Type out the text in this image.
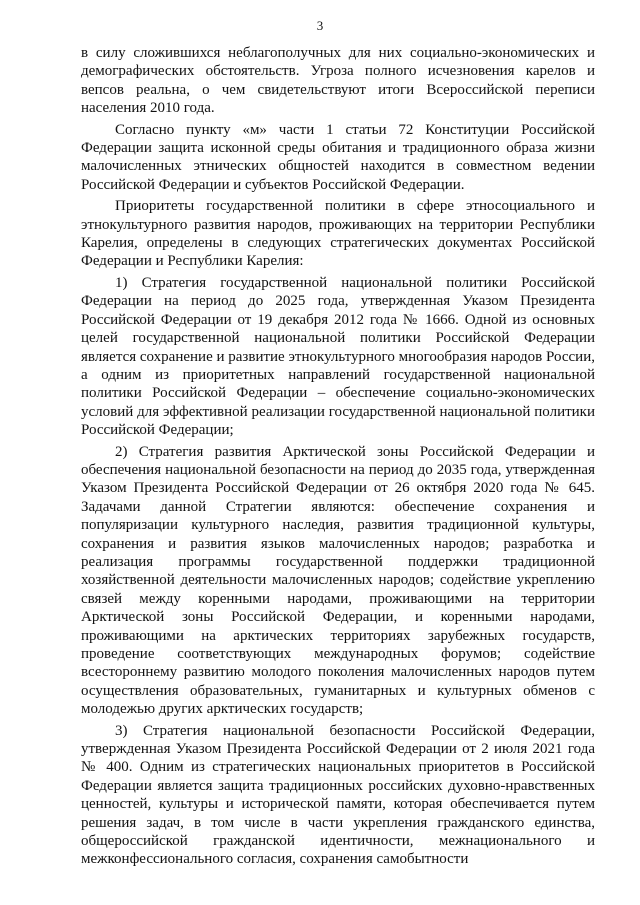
3

в силу сложившихся неблагополучных для них социально-экономических и демографических обстоятельств. Угроза полного исчезновения карелов и вепсов реальна, о чем свидетельствуют итоги Всероссийской переписи населения 2010 года.

Согласно пункту «м» части 1 статьи 72 Конституции Российской Федерации защита исконной среды обитания и традиционного образа жизни малочисленных этнических общностей находится в совместном ведении Российской Федерации и субъектов Российской Федерации.

Приоритеты государственной политики в сфере этносоциального и этнокультурного развития народов, проживающих на территории Республики Карелия, определены в следующих стратегических документах Российской Федерации и Республики Карелия:

1) Стратегия государственной национальной политики Российской Федерации на период до 2025 года, утвержденная Указом Президента Российской Федерации от 19 декабря 2012 года № 1666. Одной из основных целей государственной национальной политики Российской Федерации является сохранение и развитие этнокультурного многообразия народов России, а одним из приоритетных направлений государственной национальной политики Российской Федерации – обеспечение социально-экономических условий для эффективной реализации государственной национальной политики Российской Федерации;

2) Стратегия развития Арктической зоны Российской Федерации и обеспечения национальной безопасности на период до 2035 года, утвержденная Указом Президента Российской Федерации от 26 октября 2020 года № 645. Задачами данной Стратегии являются: обеспечение сохранения и популяризации культурного наследия, развития традиционной культуры, сохранения и развития языков малочисленных народов; разработка и реализация программы государственной поддержки традиционной хозяйственной деятельности малочисленных народов; содействие укреплению связей между коренными народами, проживающими на территории Арктической зоны Российской Федерации, и коренными народами, проживающими на арктических территориях зарубежных государств, проведение соответствующих международных форумов; содействие всестороннему развитию молодого поколения малочисленных народов путем осуществления образовательных, гуманитарных и культурных обменов с молодежью других арктических государств;

3) Стратегия национальной безопасности Российской Федерации, утвержденная Указом Президента Российской Федерации от 2 июля 2021 года № 400. Одним из стратегических национальных приоритетов в Российской Федерации является защита традиционных российских духовно-нравственных ценностей, культуры и исторической памяти, которая обеспечивается путем решения задач, в том числе в части укрепления гражданского единства, общероссийской гражданской идентичности, межнационального и межконфессионального согласия, сохранения самобытности
